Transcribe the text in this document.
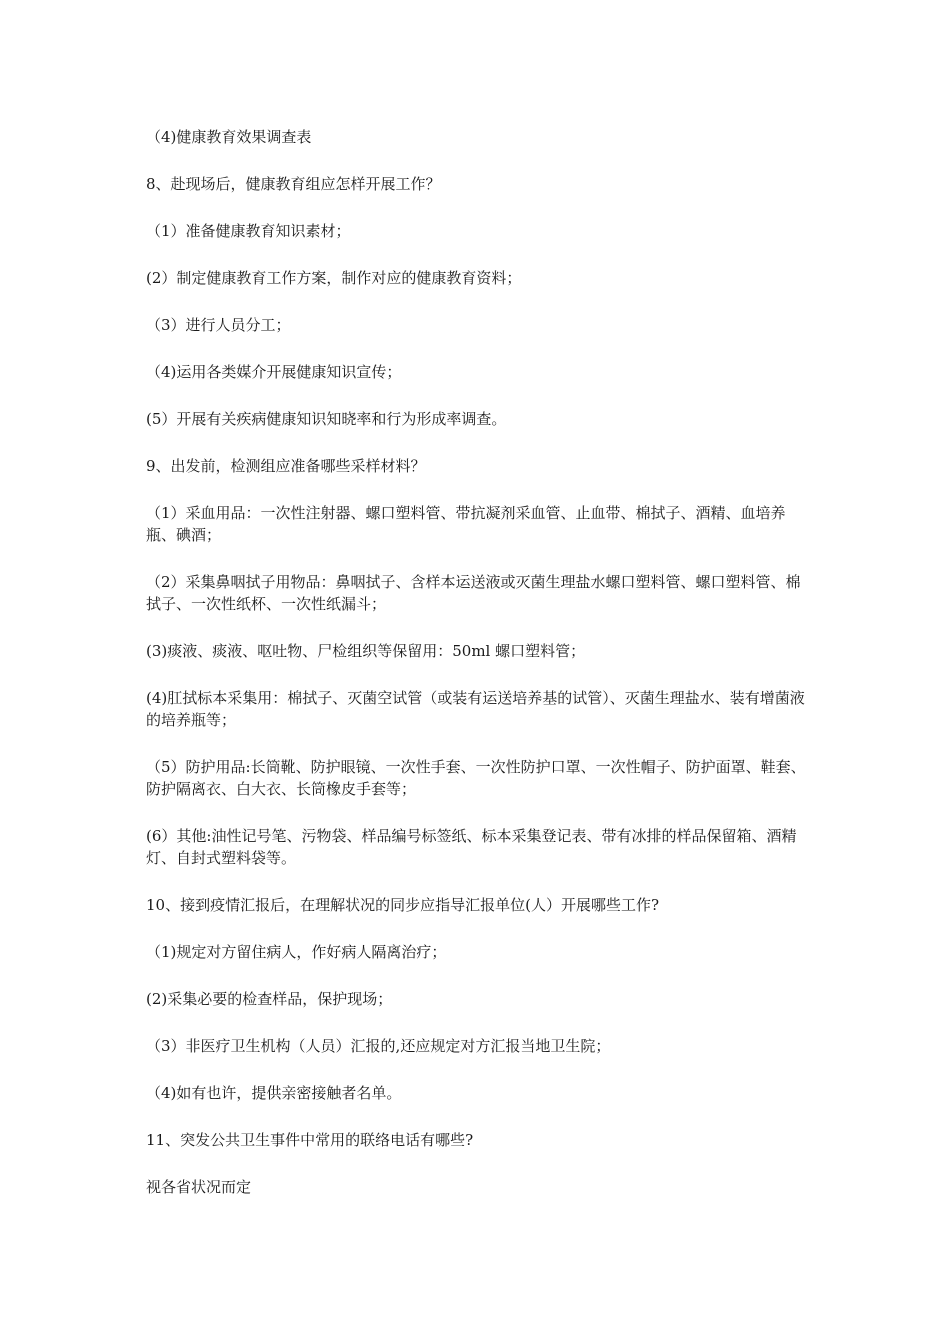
（4)健康教育效果调查表

8、赴现场后，健康教育组应怎样开展工作？

（1）准备健康教育知识素材；

(2）制定健康教育工作方案，制作对应的健康教育资料；

（3）进行人员分工；

（4)运用各类媒介开展健康知识宣传；

(5）开展有关疾病健康知识知晓率和行为形成率调查。

9、出发前，检测组应准备哪些采样材料？

（1）采血用品：一次性注射器、螺口塑料管、带抗凝剂采血管、止血带、棉拭子、酒精、血培养瓶、碘酒；

（2）采集鼻咽拭子用物品：鼻咽拭子、含样本运送液或灭菌生理盐水螺口塑料管、螺口塑料管、棉拭子、一次性纸杯、一次性纸漏斗；

(3)痰液、痰液、呕吐物、尸检组织等保留用：50ml 螺口塑料管；

(4)肛拭标本采集用：棉拭子、灭菌空试管（或装有运送培养基的试管）、灭菌生理盐水、装有增菌液的培养瓶等；

（5）防护用品:长筒靴、防护眼镜、一次性手套、一次性防护口罩、一次性帽子、防护面罩、鞋套、防护隔离衣、白大衣、长筒橡皮手套等；

(6）其他:油性记号笔、污物袋、样品编号标签纸、标本采集登记表、带有冰排的样品保留箱、酒精灯、自封式塑料袋等。

10、接到疫情汇报后，在理解状况的同步应指导汇报单位(人）开展哪些工作?

（1)规定对方留住病人，作好病人隔离治疗；

(2)采集必要的检查样品，保护现场；

（3）非医疗卫生机构（人员）汇报的,还应规定对方汇报当地卫生院；

（4)如有也许，提供亲密接触者名单。

11、突发公共卫生事件中常用的联络电话有哪些?

视各省状况而定
